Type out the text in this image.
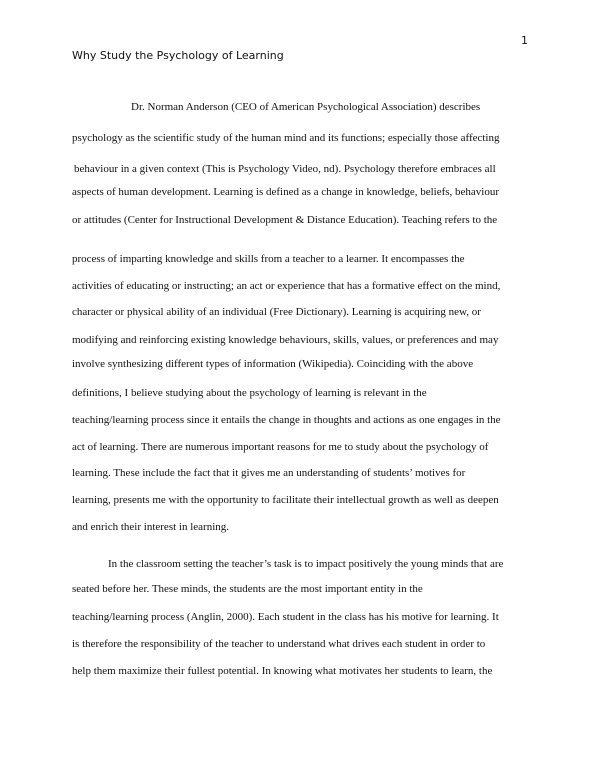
1
Why Study the Psychology of Learning
Dr. Norman Anderson (CEO of American Psychological Association) describes
psychology as the scientific study of the human mind and its functions; especially those affecting
behaviour in a given context (This is Psychology Video, nd). Psychology therefore embraces all
aspects of human development. Learning is defined as a change in knowledge, beliefs, behaviour
or attitudes (Center for Instructional Development & Distance Education). Teaching refers to the
process of imparting knowledge and skills from a teacher to a learner. It encompasses the
activities of educating or instructing; an act or experience that has a formative effect on the mind,
character or physical ability of an individual (Free Dictionary). Learning is acquiring new, or
modifying and reinforcing existing knowledge behaviours, skills, values, or preferences and may
involve synthesizing different types of information (Wikipedia). Coinciding with the above
definitions, I believe studying about the psychology of learning is relevant in the
teaching/learning process since it entails the change in thoughts and actions as one engages in the
act of learning. There are numerous important reasons for me to study about the psychology of
learning. These include the fact that it gives me an understanding of students’ motives for
learning, presents me with the opportunity to facilitate their intellectual growth as well as deepen
and enrich their interest in learning.
In the classroom setting the teacher’s task is to impact positively the young minds that are
seated before her. These minds, the students are the most important entity in the
teaching/learning process (Anglin, 2000). Each student in the class has his motive for learning. It
is therefore the responsibility of the teacher to understand what drives each student in order to
help them maximize their fullest potential. In knowing what motivates her students to learn, the
